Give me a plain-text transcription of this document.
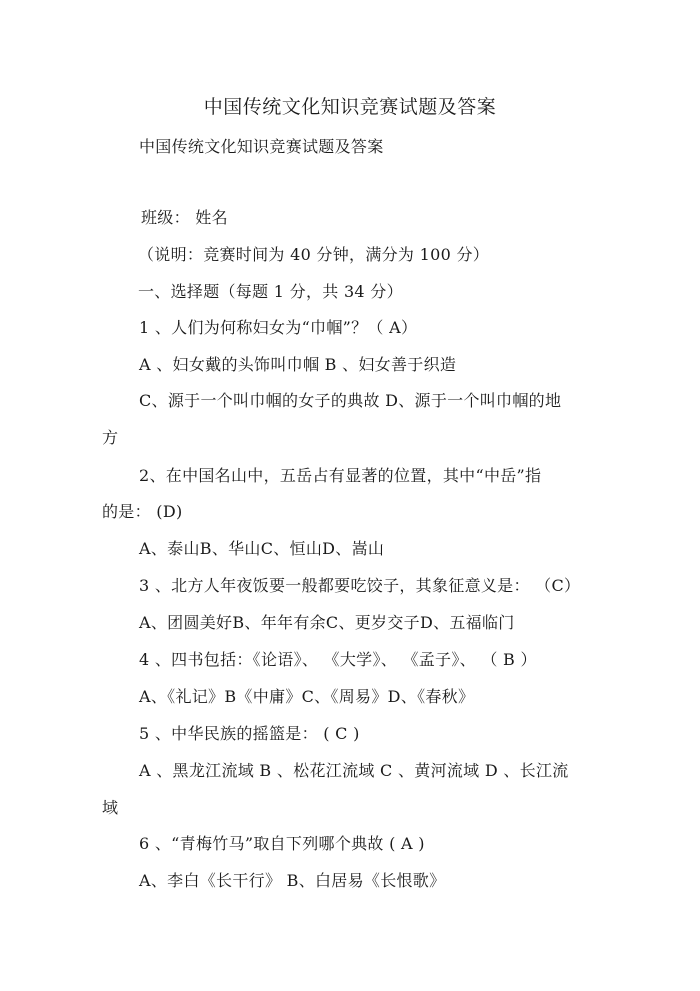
中国传统文化知识竞赛试题及答案
中国传统文化知识竞赛试题及答案
班级： 姓名
（说明：竞赛时间为 40 分钟，满分为 100 分）
一、选择题（每题 1 分，共 34 分）
1 、人们为何称妇女为“巾帼”？（ A）
A 、妇女戴的头饰叫巾帼 B 、妇女善于织造
C、源于一个叫巾帼的女子的典故 D、源于一个叫巾帼的地
方
2、在中国名山中，五岳占有显著的位置，其中“中岳”指
的是： (D)
A、泰山B、华山C、恒山D、嵩山
3 、北方人年夜饭要一般都要吃饺子，其象征意义是： （C）
A、团圆美好B、年年有余C、更岁交子D、五福临门
4 、四书包括：《论语》、 《大学》、 《孟子》、 （ B ）
A、《礼记》B《中庸》C、《周易》D、《春秋》
5 、中华民族的摇篮是： ( C )
A 、黑龙江流域 B 、松花江流域 C 、黄河流域 D 、长江流
域
6 、“青梅竹马”取自下列哪个典故 ( A )
A、李白《长干行》 B、白居易《长恨歌》
